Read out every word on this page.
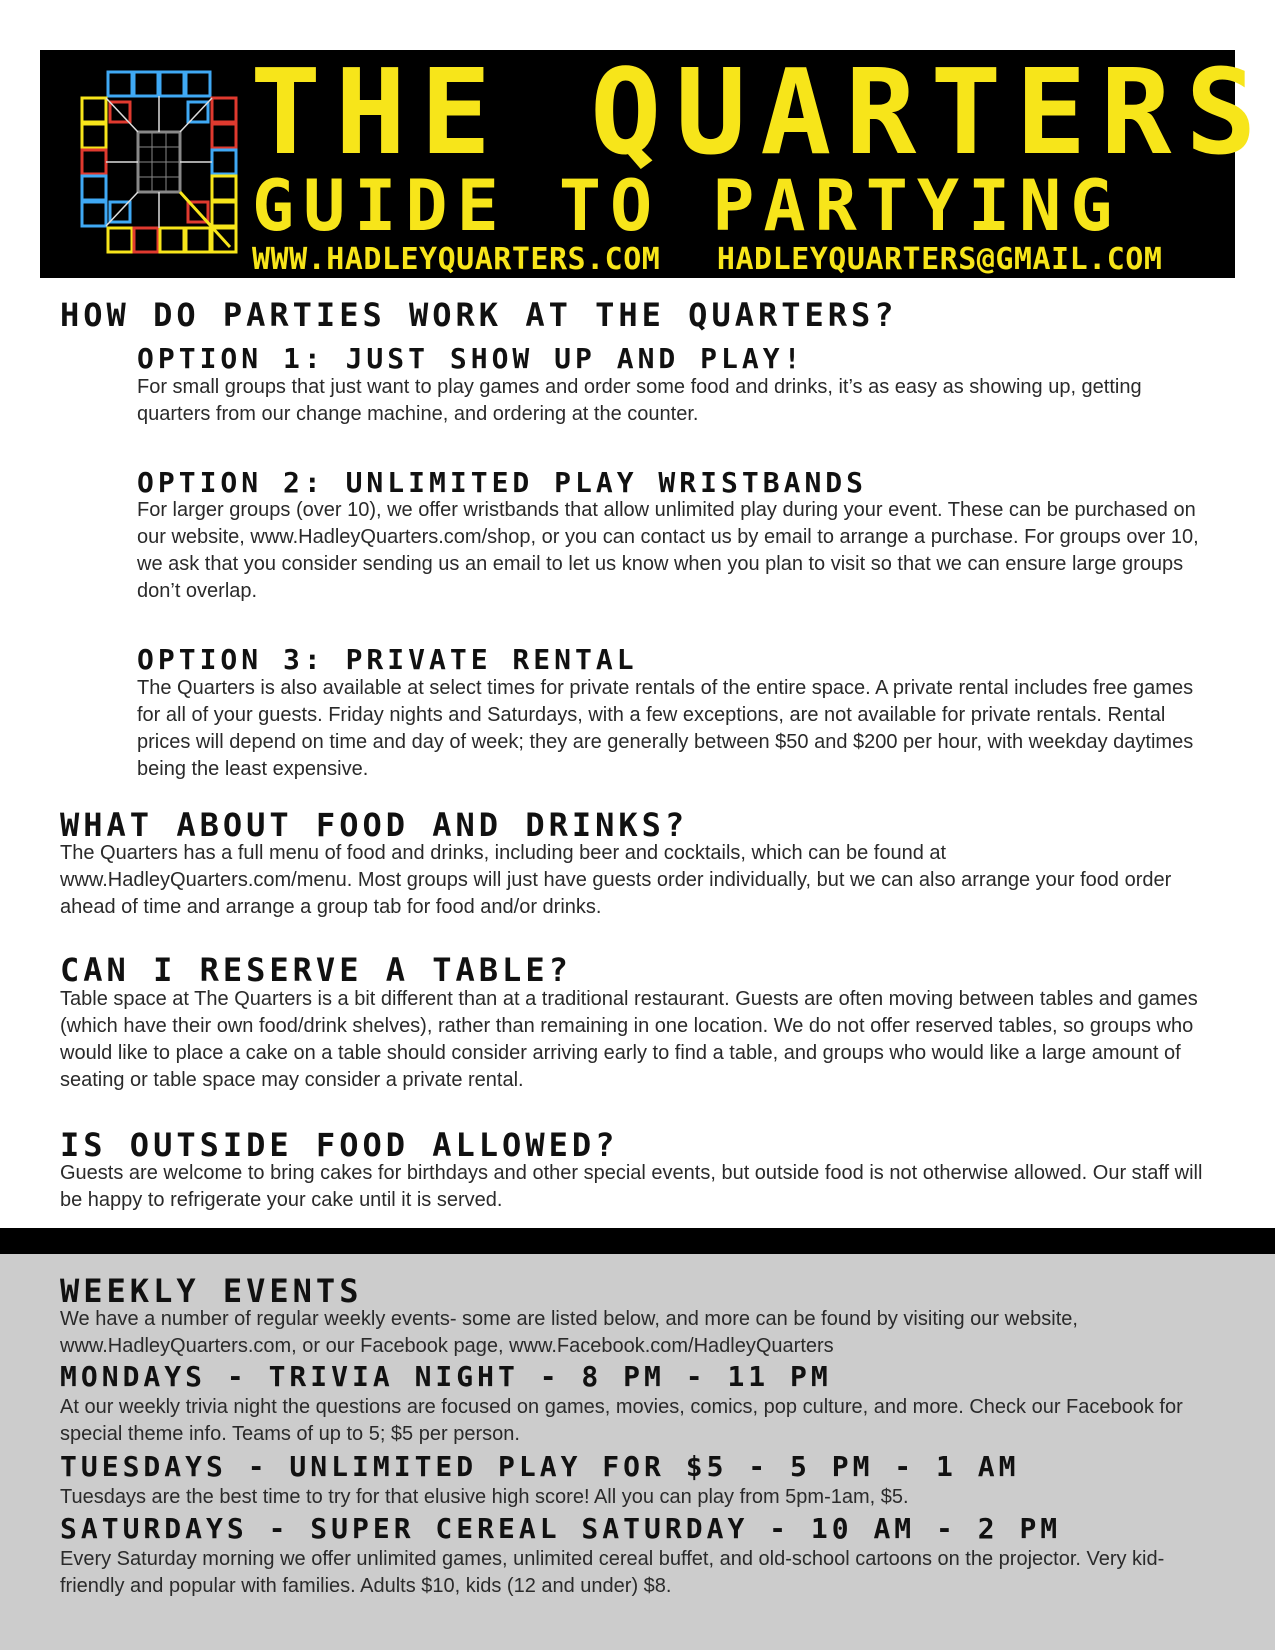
THE QUARTERS
GUIDE TO PARTYING
WWW.HADLEYQUARTERS.COM HADLEYQUARTERS@GMAIL.COM
HOW DO PARTIES WORK AT THE QUARTERS?
OPTION 1: JUST SHOW UP AND PLAY!

For small groups that just want to play games and order some food and drinks, it’s as easy as showing up, getting quarters from our change machine, and ordering at the counter.

OPTION 2: UNLIMITED PLAY WRISTBANDS

For larger groups (over 10), we offer wristbands that allow unlimited play during your event. These can be purchased on our website, www.HadleyQuarters.com/shop, or you can contact us by email to arrange a purchase. For groups over 10, we ask that you consider sending us an email to let us know when you plan to visit so that we can ensure large groups don’t overlap.

OPTION 3: PRIVATE RENTAL

The Quarters is also available at select times for private rentals of the entire space. A private rental includes free games for all of your guests. Friday nights and Saturdays, with a few exceptions, are not available for private rentals. Rental prices will depend on time and day of week; they are generally between $50 and $200 per hour, with weekday daytimes being the least expensive.

WHAT ABOUT FOOD AND DRINKS?

The Quarters has a full menu of food and drinks, including beer and cocktails, which can be found at www.HadleyQuarters.com/menu. Most groups will just have guests order individually, but we can also arrange your food order ahead of time and arrange a group tab for food and/or drinks.

CAN I RESERVE A TABLE?

Table space at The Quarters is a bit different than at a traditional restaurant. Guests are often moving between tables and games (which have their own food/drink shelves), rather than remaining in one location. We do not offer reserved tables, so groups who would like to place a cake on a table should consider arriving early to find a table, and groups who would like a large amount of seating or table space may consider a private rental.

IS OUTSIDE FOOD ALLOWED?

Guests are welcome to bring cakes for birthdays and other special events, but outside food is not otherwise allowed. Our staff will be happy to refrigerate your cake until it is served.

WEEKLY EVENTS

We have a number of regular weekly events- some are listed below, and more can be found by visiting our website, www.HadleyQuarters.com, or our Facebook page, www.Facebook.com/HadleyQuarters

MONDAYS - TRIVIA NIGHT - 8 PM - 11 PM

At our weekly trivia night the questions are focused on games, movies, comics, pop culture, and more. Check our Facebook for special theme info. Teams of up to 5; $5 per person.

TUESDAYS - UNLIMITED PLAY FOR $5 - 5 PM - 1 AM

Tuesdays are the best time to try for that elusive high score! All you can play from 5pm-1am, $5.

SATURDAYS - SUPER CEREAL SATURDAY - 10 AM - 2 PM

Every Saturday morning we offer unlimited games, unlimited cereal buffet, and old-school cartoons on the projector. Very kid-friendly and popular with families. Adults $10, kids (12 and under) $8.
